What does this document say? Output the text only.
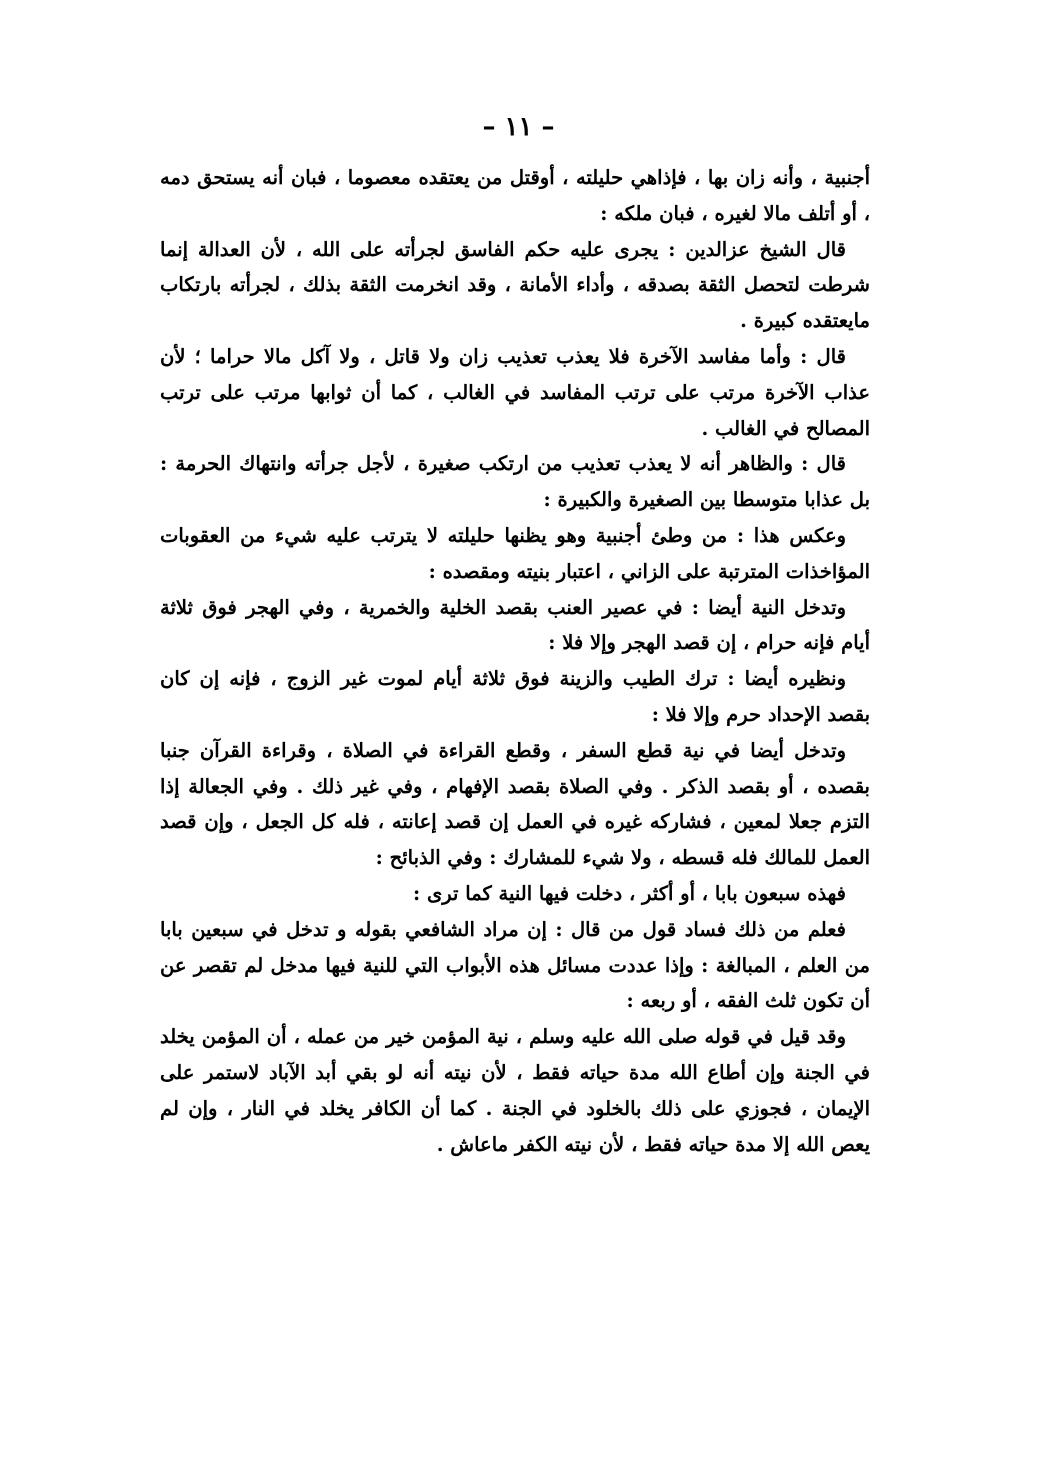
– ١١ –

أجنبية ، وأنه زان بها ، فإذاهي حليلته ، أوقتل من يعتقده معصوما ، فبان أنه يستحق دمه ، أو أتلف مالا لغيره ، فبان ملكه :

قال الشيخ عزالدين : يجرى عليه حكم الفاسق لجرأته على الله ، لأن العدالة إنما شرطت لتحصل الثقة بصدقه ، وأداء الأمانة ، وقد انخرمت الثقة بذلك ، لجرأته بارتكاب مايعتقده كبيرة .

قال : وأما مفاسد الآخرة فلا يعذب تعذيب زان ولا قاتل ، ولا آكل مالا حراما ؛ لأن عذاب الآخرة مرتب على ترتب المفاسد في الغالب ، كما أن ثوابها مرتب على ترتب المصالح في الغالب .

قال : والظاهر أنه لا يعذب تعذيب من ارتكب صغيرة ، لأجل جرأته وانتهاك الحرمة : بل عذابا متوسطا بين الصغيرة والكبيرة :

وعكس هذا : من وطئ أجنبية وهو يظنها حليلته لا يترتب عليه شيء من العقوبات المؤاخذات المترتبة على الزاني ، اعتبار بنيته ومقصده :

وتدخل النية أيضا : في عصير العنب بقصد الخلية والخمرية ، وفي الهجر فوق ثلاثة أيام فإنه حرام ، إن قصد الهجر وإلا فلا :

ونظيره أيضا : ترك الطيب والزينة فوق ثلاثة أيام لموت غير الزوج ، فإنه إن كان بقصد الإحداد حرم وإلا فلا :

وتدخل أيضا في نية قطع السفر ، وقطع القراءة في الصلاة ، وقراءة القرآن جنبا بقصده ، أو بقصد الذكر . وفي الصلاة بقصد الإفهام ، وفي غير ذلك . وفي الجعالة إذا التزم جعلا لمعين ، فشاركه غيره في العمل إن قصد إعانته ، فله كل الجعل ، وإن قصد العمل للمالك فله قسطه ، ولا شيء للمشارك : وفي الذبائح :

فهذه سبعون بابا ، أو أكثر ، دخلت فيها النية كما ترى :

فعلم من ذلك فساد قول من قال : إن مراد الشافعي بقوله و تدخل في سبعين بابا من العلم ، المبالغة : وإذا عددت مسائل هذه الأبواب التي للنية فيها مدخل لم تقصر عن أن تكون ثلث الفقه ، أو ربعه :

وقد قيل في قوله صلى الله عليه وسلم ، نية المؤمن خير من عمله ، أن المؤمن يخلد في الجنة وإن أطاع الله مدة حياته فقط ، لأن نيته أنه لو بقي أبد الآباد لاستمر على الإيمان ، فجوزي على ذلك بالخلود في الجنة . كما أن الكافر يخلد في النار ، وإن لم يعص الله إلا مدة حياته فقط ، لأن نيته الكفر ماعاش .
